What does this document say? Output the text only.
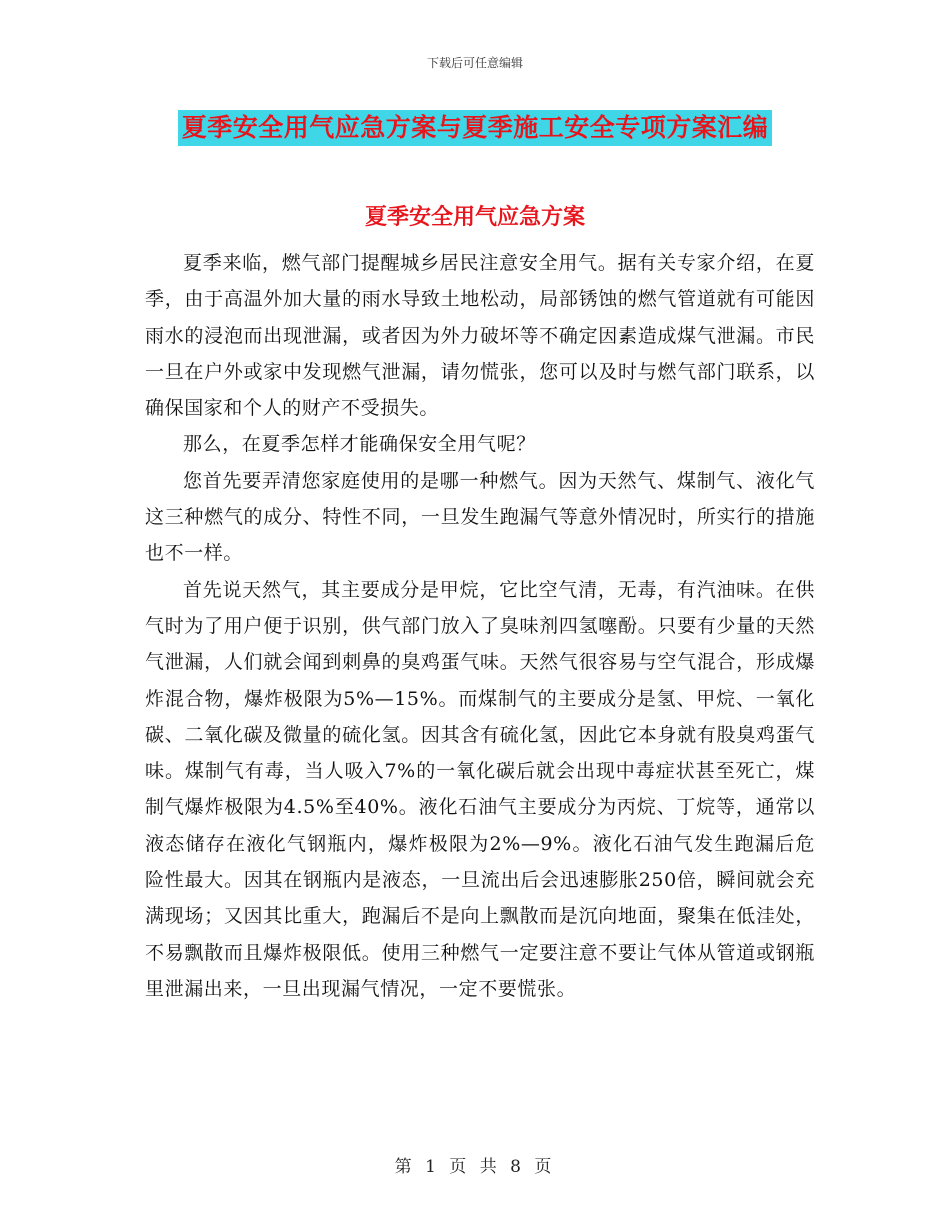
下载后可任意编辑
夏季安全用气应急方案与夏季施工安全专项方案汇编
夏季安全用气应急方案

夏季来临，燃气部门提醒城乡居民注意安全用气。据有关专家介绍，在夏季，由于高温外加大量的雨水导致土地松动，局部锈蚀的燃气管道就有可能因雨水的浸泡而出现泄漏，或者因为外力破坏等不确定因素造成煤气泄漏。市民一旦在户外或家中发现燃气泄漏，请勿慌张，您可以及时与燃气部门联系，以确保国家和个人的财产不受损失。

那么，在夏季怎样才能确保安全用气呢？

您首先要弄清您家庭使用的是哪一种燃气。因为天然气、煤制气、液化气这三种燃气的成分、特性不同，一旦发生跑漏气等意外情况时，所实行的措施也不一样。

首先说天然气，其主要成分是甲烷，它比空气清，无毒，有汽油味。在供气时为了用户便于识别，供气部门放入了臭味剂四氢噻酚。只要有少量的天然气泄漏，人们就会闻到刺鼻的臭鸡蛋气味。天然气很容易与空气混合，形成爆炸混合物，爆炸极限为5%—15%。而煤制气的主要成分是氢、甲烷、一氧化碳、二氧化碳及微量的硫化氢。因其含有硫化氢，因此它本身就有股臭鸡蛋气味。煤制气有毒，当人吸入7%的一氧化碳后就会出现中毒症状甚至死亡，煤制气爆炸极限为4.5%至40%。液化石油气主要成分为丙烷、丁烷等，通常以液态储存在液化气钢瓶内，爆炸极限为2%—9%。液化石油气发生跑漏后危险性最大。因其在钢瓶内是液态，一旦流出后会迅速膨胀250倍，瞬间就会充满现场；又因其比重大，跑漏后不是向上飘散而是沉向地面，聚集在低洼处，不易飘散而且爆炸极限低。使用三种燃气一定要注意不要让气体从管道或钢瓶里泄漏出来，一旦出现漏气情况，一定不要慌张。

第 1 页 共 8 页
